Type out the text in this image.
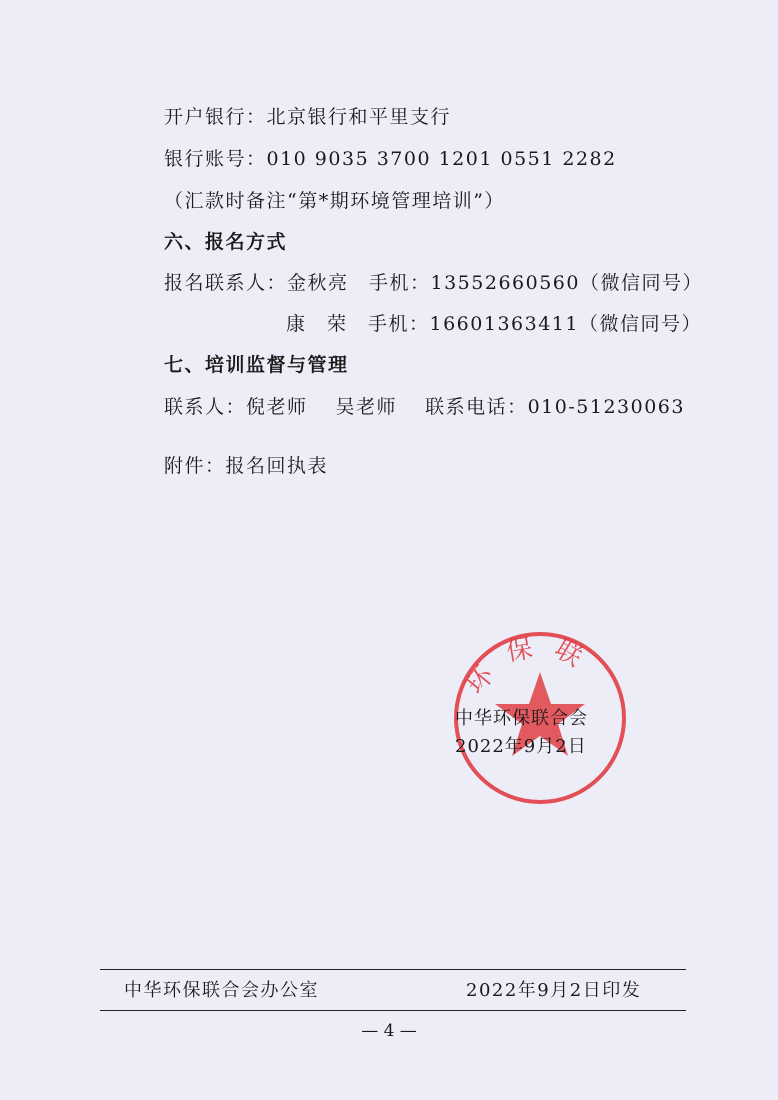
开户银行：北京银行和平里支行
银行账号：010 9035 3700 1201 0551 2282
（汇款时备注“第*期环境管理培训”）
六、报名方式
报名联系人：金秋亮　手机：13552660560（微信同号）
康　荣　手机：16601363411（微信同号）
七、培训监督与管理
联系人：倪老师　 吴老师　 联系电话：010-51230063
附件：报名回执表
环保联
中华环保联合会
2022年9月2日
中华环保联合会办公室	2022年9月2日印发
— 4 —
